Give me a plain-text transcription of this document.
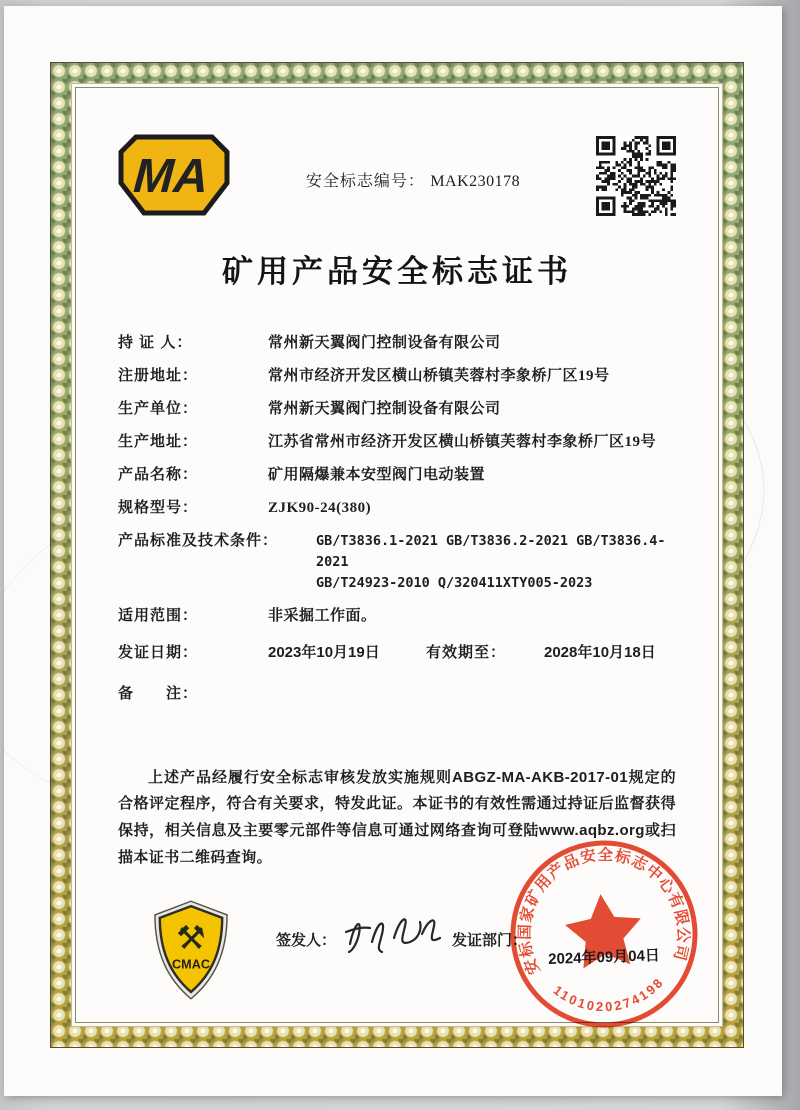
MA	安全标志编号： MAK230178
矿用产品安全标志证书
持 证 人：	常州新天翼阀门控制设备有限公司
注册地址：	常州市经济开发区横山桥镇芙蓉村李象桥厂区19号
生产单位：	常州新天翼阀门控制设备有限公司
生产地址：	江苏省常州市经济开发区横山桥镇芙蓉村李象桥厂区19号
产品名称：	矿用隔爆兼本安型阀门电动装置
规格型号：	ZJK90-24(380)
产品标准及技术条件：	GB/T3836.1-2021 GB/T3836.2-2021 GB/T3836.4-2021
GB/T24923-2010 Q/320411XTY005-2023
适用范围：	非采掘工作面。
发证日期：	2023年10月19日	有效期至：	2028年10月18日
备　　注：

上述产品经履行安全标志审核发放实施规则ABGZ-MA-AKB-2017-01规定的合格评定程序，符合有关要求，特发此证。本证书的有效性需通过持证后监督获得保持，相关信息及主要零元部件等信息可通过网络查询可登陆www.aqbz.org或扫描本证书二维码查询。

⚒
CMAC
签发人：	发证部门：
安标国家矿用产品安全标志中心有限公司
1101020274198
2024年09月04日
